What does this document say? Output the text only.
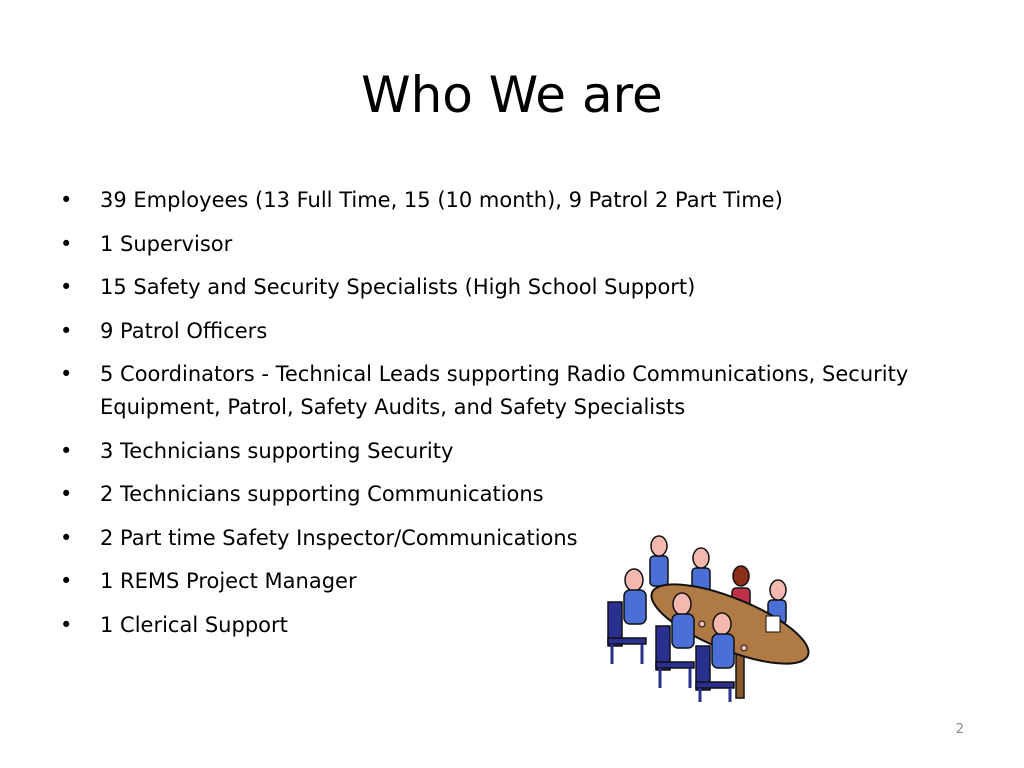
Who We are
•	39 Employees (13 Full Time, 15 (10 month), 9 Patrol 2 Part Time)
•	1 Supervisor
•	15 Safety and Security Specialists (High School Support)
•	9 Patrol Officers
•	5 Coordinators - Technical Leads supporting Radio Communications, Security Equipment, Patrol, Safety Audits, and Safety Specialists
•	3 Technicians supporting Security
•	2 Technicians supporting Communications
•	2 Part time Safety Inspector/Communications
•	1 REMS Project Manager
•	1 Clerical Support
2
